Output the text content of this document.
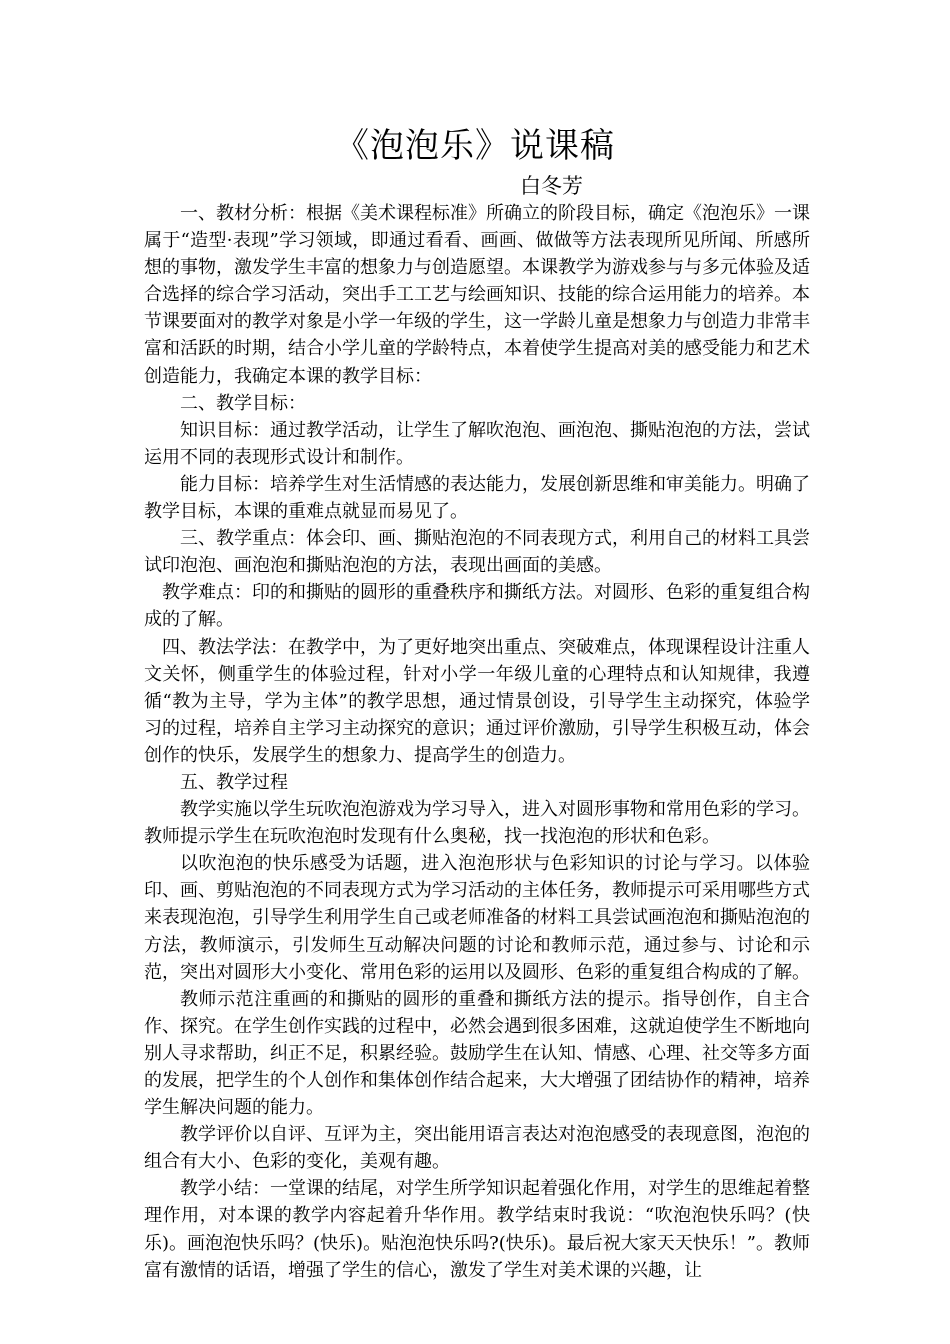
《泡泡乐》说课稿
白冬芳

一、教材分析：根据《美术课程标准》所确立的阶段目标，确定《泡泡乐》一课属于“造型·表现”学习领域，即通过看看、画画、做做等方法表现所见所闻、所感所想的事物，激发学生丰富的想象力与创造愿望。本课教学为游戏参与与多元体验及适合选择的综合学习活动，突出手工工艺与绘画知识、技能的综合运用能力的培养。本节课要面对的教学对象是小学一年级的学生，这一学龄儿童是想象力与创造力非常丰富和活跃的时期，结合小学儿童的学龄特点，本着使学生提高对美的感受能力和艺术创造能力，我确定本课的教学目标：

二、教学目标：

知识目标：通过教学活动，让学生了解吹泡泡、画泡泡、撕贴泡泡的方法，尝试运用不同的表现形式设计和制作。

能力目标：培养学生对生活情感的表达能力，发展创新思维和审美能力。明确了教学目标，本课的重难点就显而易见了。

三、教学重点：体会印、画、撕贴泡泡的不同表现方式，利用自己的材料工具尝试印泡泡、画泡泡和撕贴泡泡的方法，表现出画面的美感。

教学难点：印的和撕贴的圆形的重叠秩序和撕纸方法。对圆形、色彩的重复组合构成的了解。

四、教法学法：在教学中，为了更好地突出重点、突破难点，体现课程设计注重人文关怀，侧重学生的体验过程，针对小学一年级儿童的心理特点和认知规律，我遵循“教为主导，学为主体”的教学思想，通过情景创设，引导学生主动探究，体验学习的过程，培养自主学习主动探究的意识；通过评价激励，引导学生积极互动，体会创作的快乐，发展学生的想象力、提高学生的创造力。

五、教学过程

教学实施以学生玩吹泡泡游戏为学习导入，进入对圆形事物和常用色彩的学习。教师提示学生在玩吹泡泡时发现有什么奥秘，找一找泡泡的形状和色彩。

以吹泡泡的快乐感受为话题，进入泡泡形状与色彩知识的讨论与学习。以体验印、画、剪贴泡泡的不同表现方式为学习活动的主体任务，教师提示可采用哪些方式来表现泡泡，引导学生利用学生自己或老师准备的材料工具尝试画泡泡和撕贴泡泡的方法，教师演示，引发师生互动解决问题的讨论和教师示范，通过参与、讨论和示范，突出对圆形大小变化、常用色彩的运用以及圆形、色彩的重复组合构成的了解。

教师示范注重画的和撕贴的圆形的重叠和撕纸方法的提示。指导创作，自主合作、探究。在学生创作实践的过程中，必然会遇到很多困难，这就迫使学生不断地向别人寻求帮助，纠正不足，积累经验。鼓励学生在认知、情感、心理、社交等多方面的发展，把学生的个人创作和集体创作结合起来，大大增强了团结协作的精神，培养学生解决问题的能力。

教学评价以自评、互评为主，突出能用语言表达对泡泡感受的表现意图，泡泡的组合有大小、色彩的变化，美观有趣。

教学小结：一堂课的结尾，对学生所学知识起着强化作用，对学生的思维起着整理作用，对本课的教学内容起着升华作用。教学结束时我说：“吹泡泡快乐吗？(快乐)。画泡泡快乐吗？(快乐)。贴泡泡快乐吗?(快乐)。最后祝大家天天快乐！”。教师富有激情的话语，增强了学生的信心，激发了学生对美术课的兴趣，让
